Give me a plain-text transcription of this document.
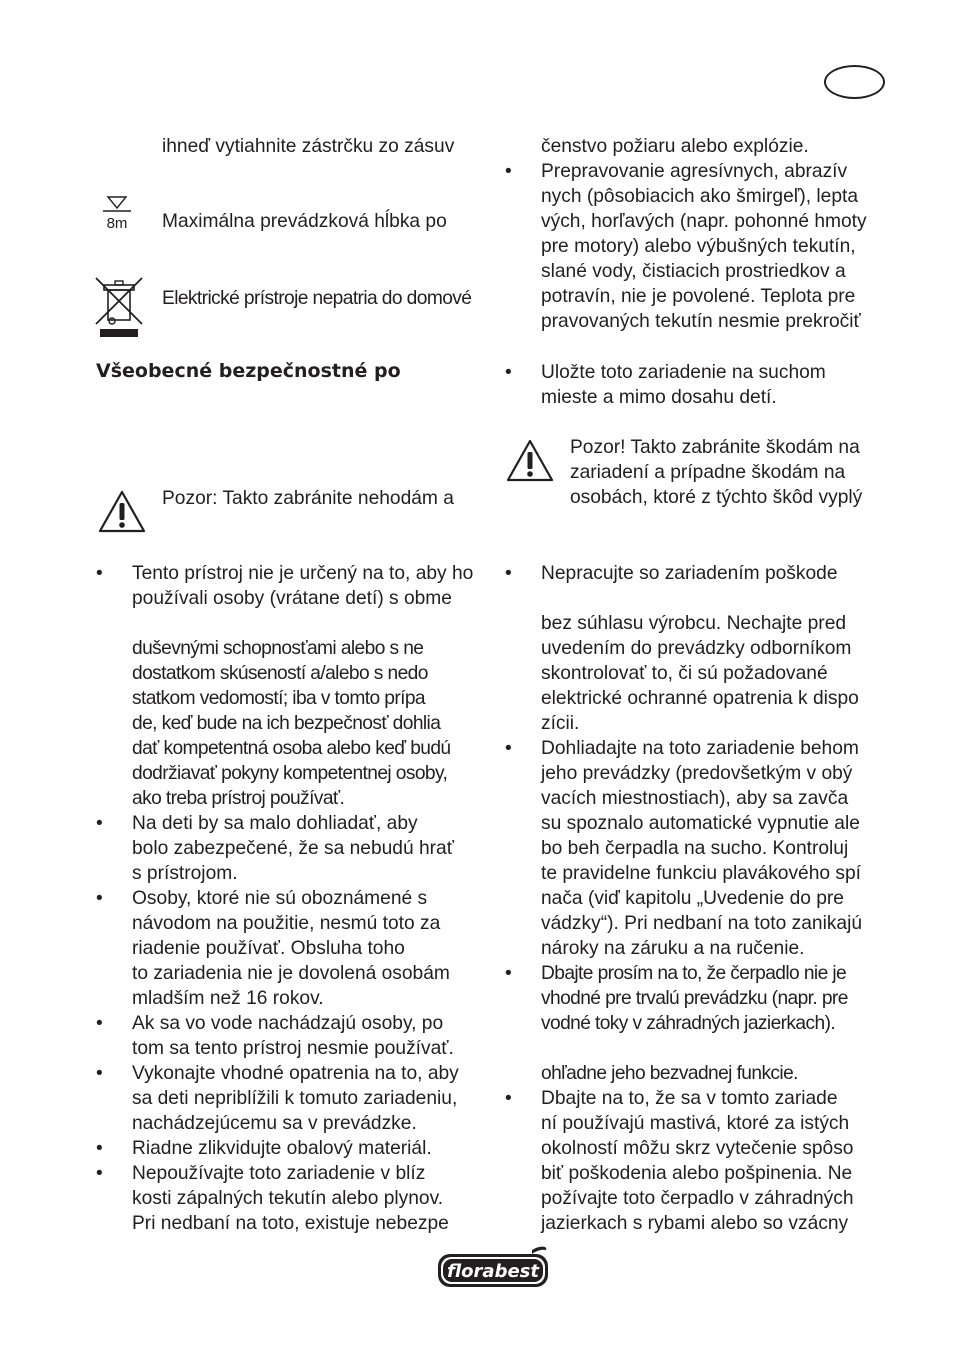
ihneď vytiahnite zástrčku zo zásuv
8m Maximálna prevádzková hĺbka po
Elektrické prístroje nepatria do domové
Všeobecné bezpečnostné po
Pozor: Takto zabránite nehodám a
• Tento prístroj nie je určený na to, aby ho
používali osoby (vrátane detí) s obme
duševnými schopnosťami alebo s ne
dostatkom skúseností a/alebo s nedo
statkom vedomostí; iba v tomto prípa
de, keď bude na ich bezpečnosť dohlia
dať kompetentná osoba alebo keď budú
dodržiavať pokyny kompetentnej osoby,
ako treba prístroj používať.
• Na deti by sa malo dohliadať, aby
bolo zabezpečené, že sa nebudú hrať
s prístrojom.
• Osoby, ktoré nie sú oboznámené s
návodom na použitie, nesmú toto za
riadenie používať. Obsluha toho
to zariadenia nie je dovolená osobám
mladším než 16 rokov.
• Ak sa vo vode nachádzajú osoby, po
tom sa tento prístroj nesmie používať.
• Vykonajte vhodné opatrenia na to, aby
sa deti nepriblížili k tomuto zariadeniu,
nachádzejúcemu sa v prevádzke.
• Riadne zlikvidujte obalový materiál.
• Nepoužívajte toto zariadenie v blíz
kosti zápalných tekutín alebo plynov.
Pri nedbaní na toto, existuje nebezpe
čenstvo požiaru alebo explózie.
• Prepravovanie agresívnych, abrazív
nych (pôsobiacich ako šmirgeľ), lepta
vých, horľavých (napr. pohonné hmoty
pre motory) alebo výbušných tekutín,
slané vody, čistiacich prostriedkov a
potravín, nie je povolené. Teplota pre
pravovaných tekutín nesmie prekročiť
• Uložte toto zariadenie na suchom
mieste a mimo dosahu detí.
Pozor! Takto zabránite škodám na
zariadení a prípadne škodám na
osobách, ktoré z týchto škôd vyplý
• Nepracujte so zariadením poškode
bez súhlasu výrobcu. Nechajte pred
uvedením do prevádzky odborníkom
skontrolovať to, či sú požadované
elektrické ochranné opatrenia k dispo
zícii.
• Dohliadajte na toto zariadenie behom
jeho prevádzky (predovšetkým v obý
vacích miestnostiach), aby sa zavča
su spoznalo automatické vypnutie ale
bo beh čerpadla na sucho. Kontroluj
te pravidelne funkciu plavákového spí
nača (viď kapitolu „Uvedenie do pre
vádzky“). Pri nedbaní na toto zanikajú
nároky na záruku a na ručenie.
• Dbajte prosím na to, že čerpadlo nie je
vhodné pre trvalú prevádzku (napr. pre
vodné toky v záhradných jazierkach).
ohľadne jeho bezvadnej funkcie.
• Dbajte na to, že sa v tomto zariade
ní používajú mastivá, ktoré za istých
okolností môžu skrz vytečenie spôso
biť poškodenia alebo pošpinenia. Ne
požívajte toto čerpadlo v záhradných
jazierkach s rybami alebo so vzácny
florabest
